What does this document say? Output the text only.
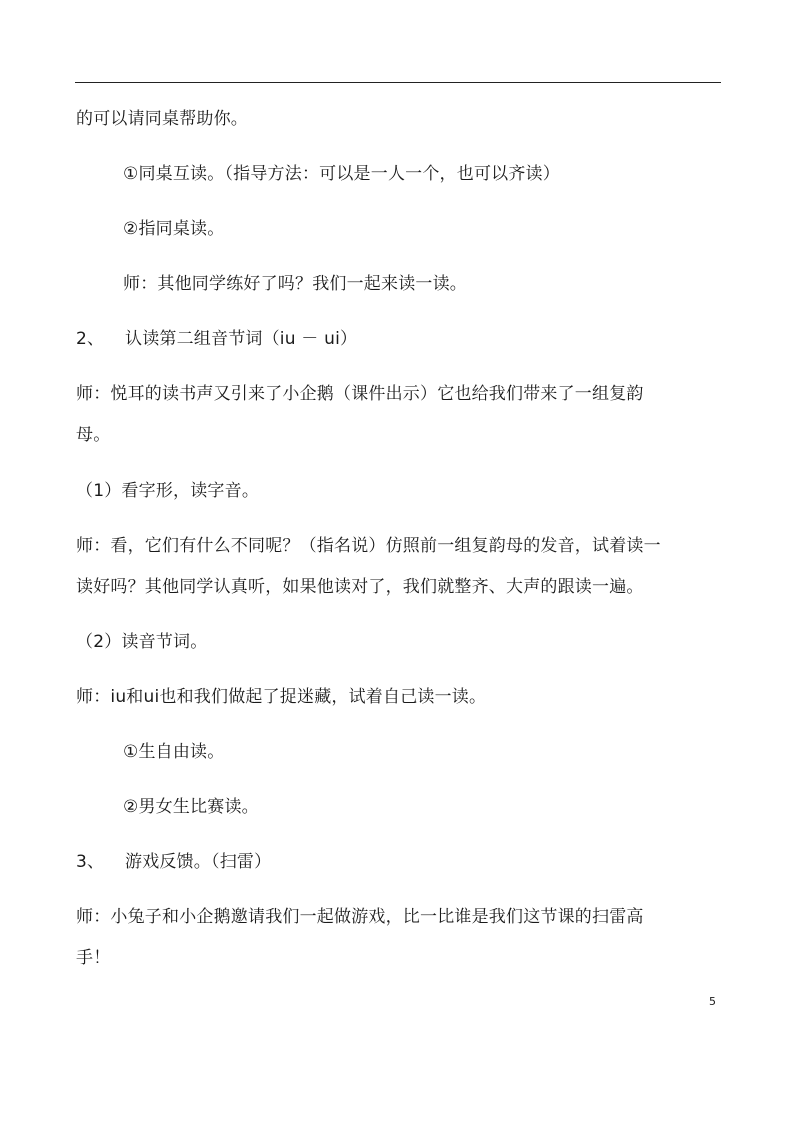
的可以请同桌帮助你。
①同桌互读。（指导方法：可以是一人一个，也可以齐读）
②指同桌读。
师：其他同学练好了吗？我们一起来读一读。
2、 认读第二组音节词（iu － ui）
师：悦耳的读书声又引来了小企鹅（课件出示）它也给我们带来了一组复韵
母。
（1）看字形，读字音。
师：看，它们有什么不同呢？（指名说）仿照前一组复韵母的发音，试着读一
读好吗？其他同学认真听，如果他读对了，我们就整齐、大声的跟读一遍。
（2）读音节词。
师：iu和ui也和我们做起了捉迷藏，试着自己读一读。
①生自由读。
②男女生比赛读。
3、 游戏反馈。（扫雷）
师：小兔子和小企鹅邀请我们一起做游戏，比一比谁是我们这节课的扫雷高
手！
5
